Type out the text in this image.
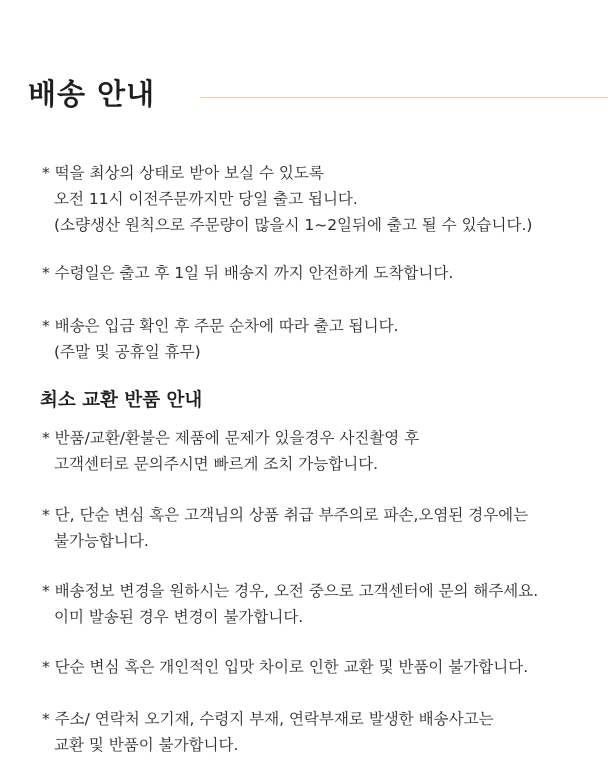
배송 안내
* 떡을 최상의 상태로 받아 보실 수 있도록
오전 11시 이전주문까지만 당일 출고 됩니다.
(소량생산 원칙으로 주문량이 많을시 1~2일뒤에 출고 될 수 있습니다.)
* 수령일은 출고 후 1일 뒤 배송지 까지 안전하게 도착합니다.
* 배송은 입금 확인 후 주문 순차에 따라 출고 됩니다.
(주말 및 공휴일 휴무)
최소 교환 반품 안내
* 반품/교환/환불은 제품에 문제가 있을경우 사진촬영 후
고객센터로 문의주시면 빠르게 조치 가능합니다.
* 단, 단순 변심 혹은 고객님의 상품 취급 부주의로 파손,오염된 경우에는
불가능합니다.
* 배송정보 변경을 원하시는 경우, 오전 중으로 고객센터에 문의 해주세요.
이미 발송된 경우 변경이 불가합니다.
* 단순 변심 혹은 개인적인 입맛 차이로 인한 교환 및 반품이 불가합니다.
* 주소/ 연락처 오기재, 수령지 부재, 연락부재로 발생한 배송사고는
교환 및 반품이 불가합니다.
